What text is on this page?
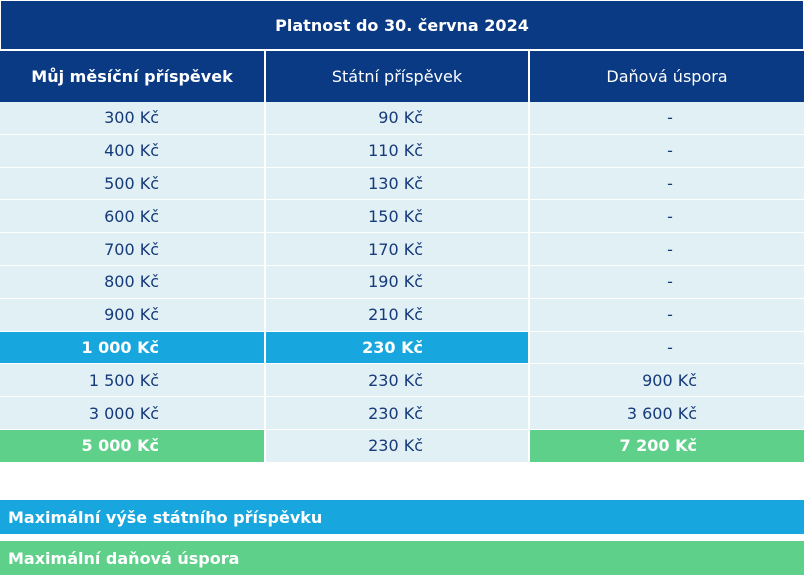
Platnost do 30. června 2024
Můj měsíční příspěvek	Státní příspěvek	Daňová úspora
300 Kč	90 Kč	-
400 Kč	110 Kč	-
500 Kč	130 Kč	-
600 Kč	150 Kč	-
700 Kč	170 Kč	-
800 Kč	190 Kč	-
900 Kč	210 Kč	-
1 000 Kč	230 Kč	-
1 500 Kč	230 Kč	900 Kč
3 000 Kč	230 Kč	3 600 Kč
5 000 Kč	230 Kč	7 200 Kč
Maximální výše státního příspěvku
Maximální daňová úspora
